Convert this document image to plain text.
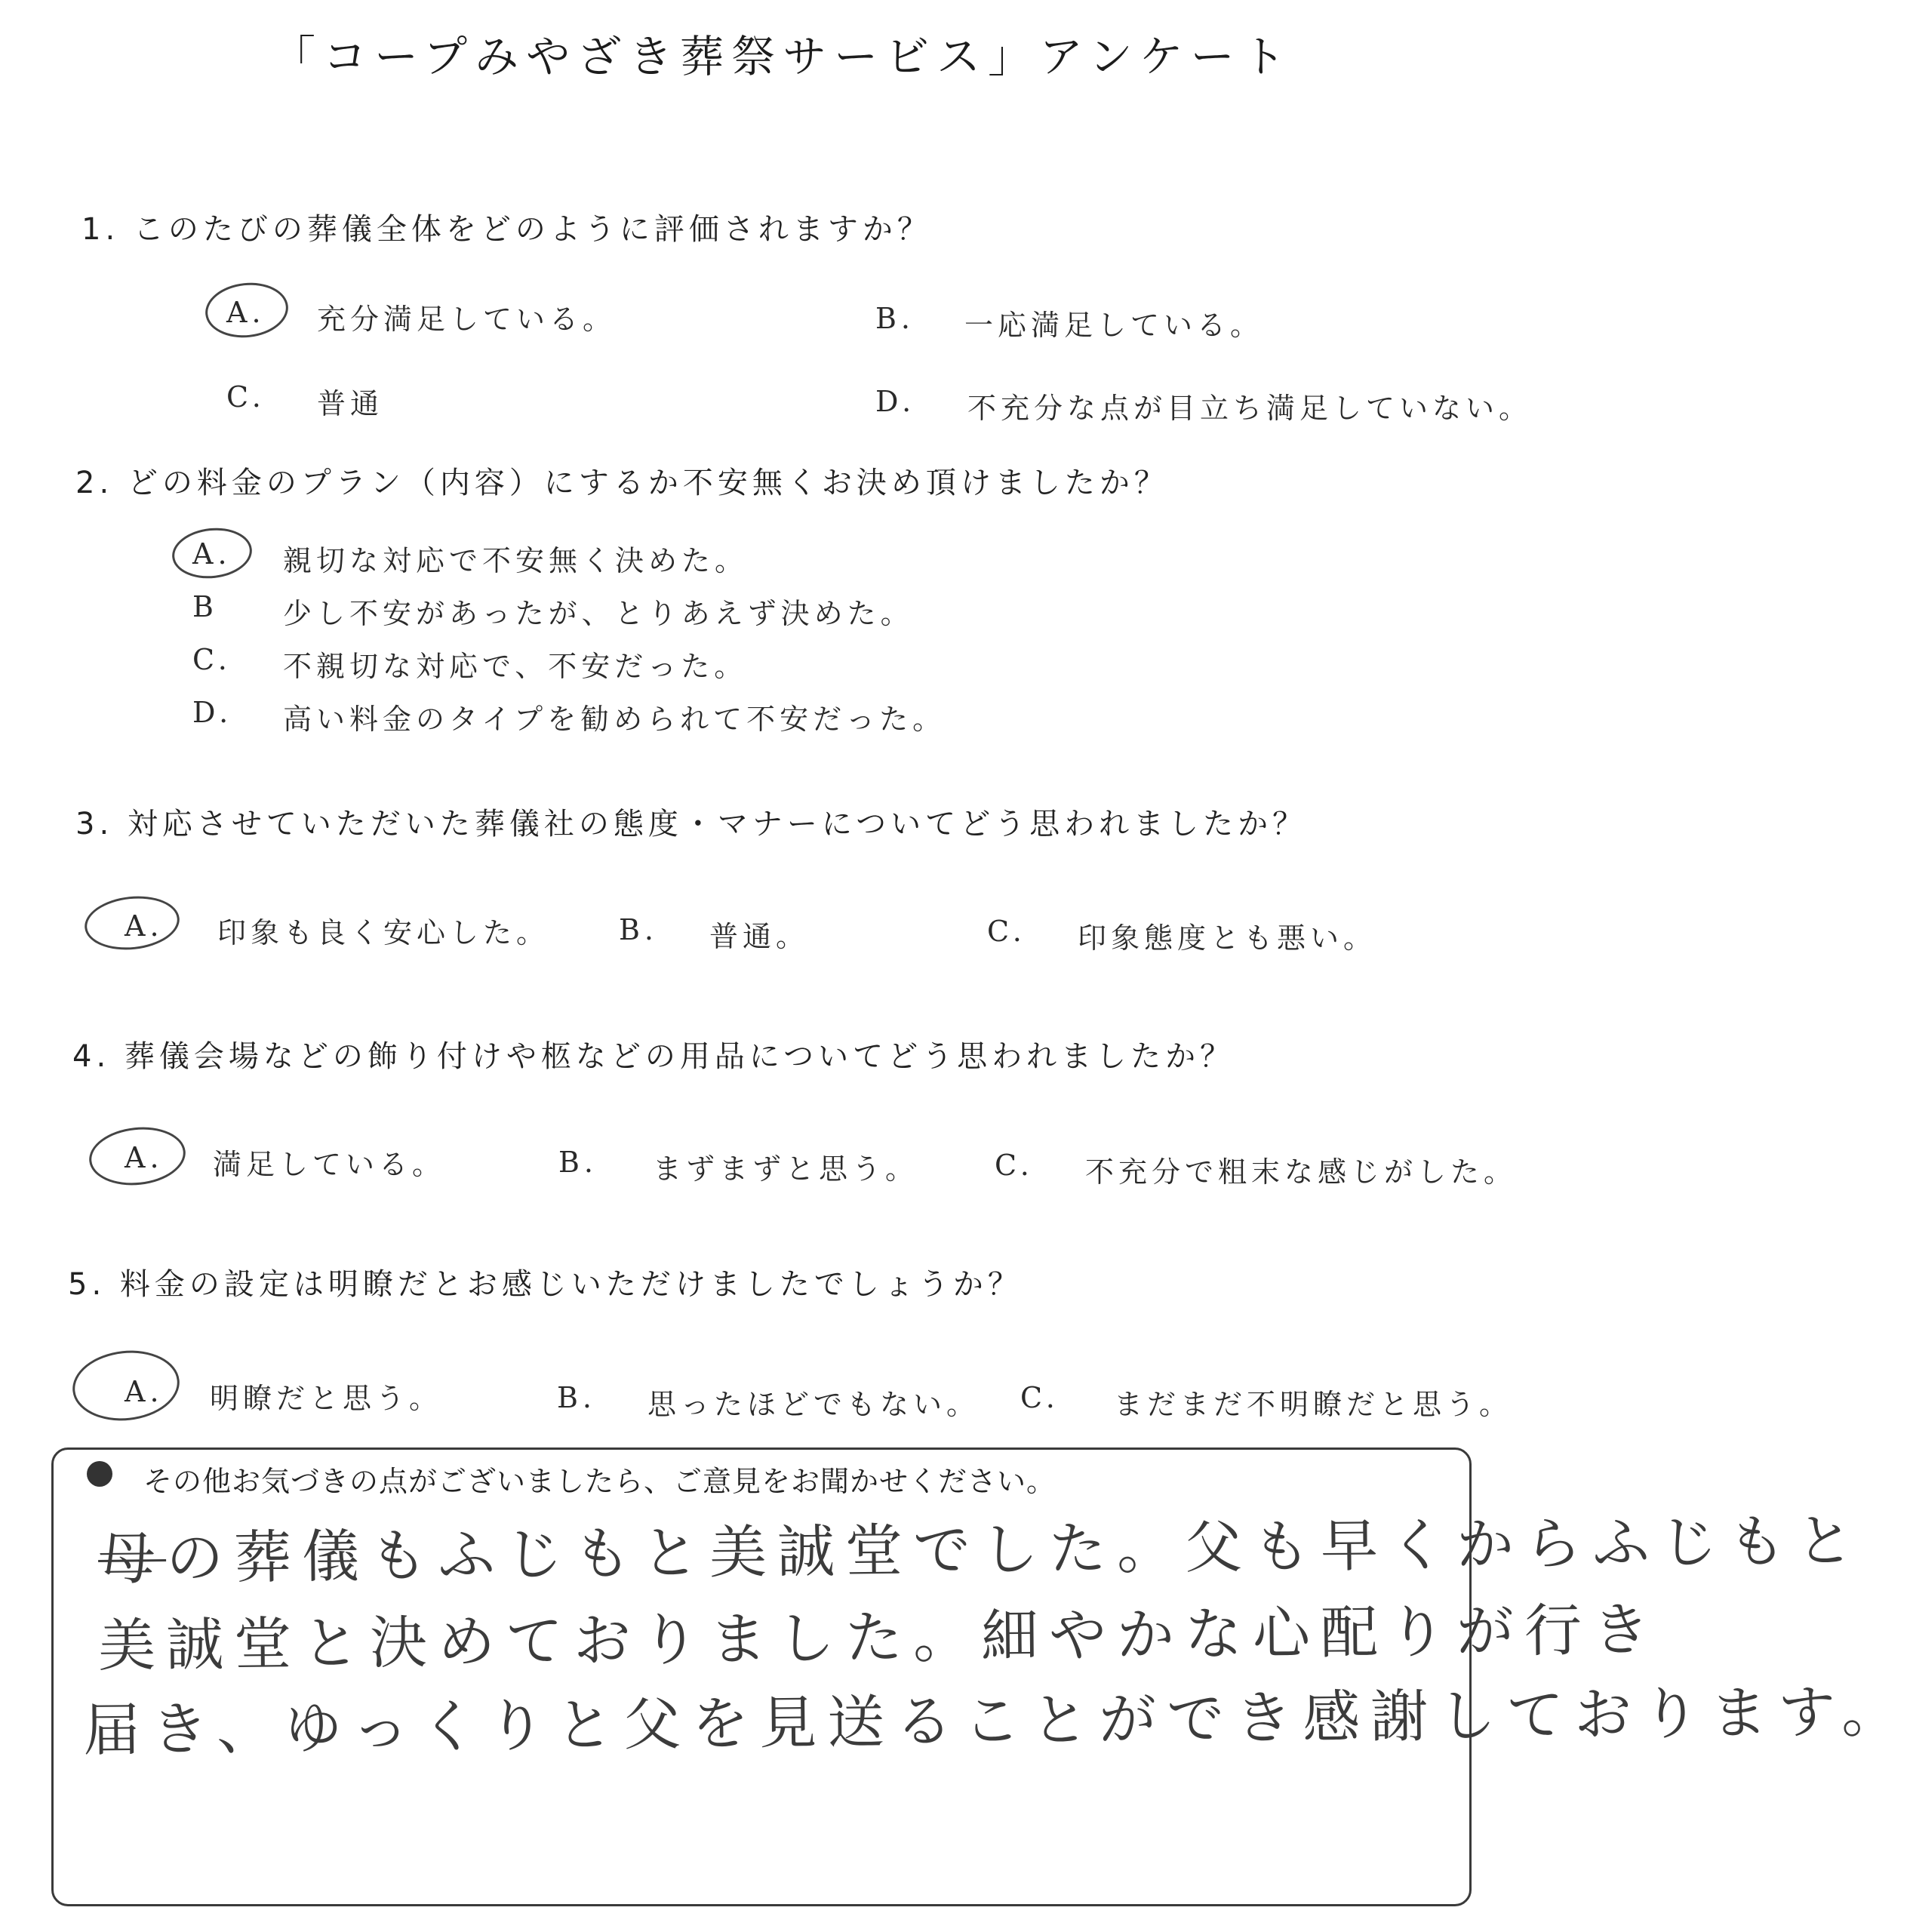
「コープみやざき葬祭サービス」アンケート
1. このたびの葬儀全体をどのように評価されますか？
A. 充分満足している。	B. 一応満足している。
C. 普通	D. 不充分な点が目立ち満足していない。
2. どの料金のプラン（内容）にするか不安無くお決め頂けましたか？
A. 親切な対応で不安無く決めた。
B 少し不安があったが、とりあえず決めた。
C. 不親切な対応で、不安だった。
D. 高い料金のタイプを勧められて不安だった。
3. 対応させていただいた葬儀社の態度・マナーについてどう思われましたか？
A. 印象も良く安心した。 B. 普通。	C. 印象態度とも悪い。
4. 葬儀会場などの飾り付けや柩などの用品についてどう思われましたか？
A. 満足している。	B. まずまずと思う。	C. 不充分で粗末な感じがした。
5. 料金の設定は明瞭だとお感じいただけましたでしょうか？
A. 明瞭だと思う。	B. 思ったほどでもない。 C. まだまだ不明瞭だと思う。
その他お気づきの点がございましたら、ご意見をお聞かせください。
母の葬儀もふじもと美誠堂でした。父も早くからふじもと
美誠堂と決めておりました。細やかな心配りが行き
届き、ゆっくりと父を見送ることができ感謝しております。
